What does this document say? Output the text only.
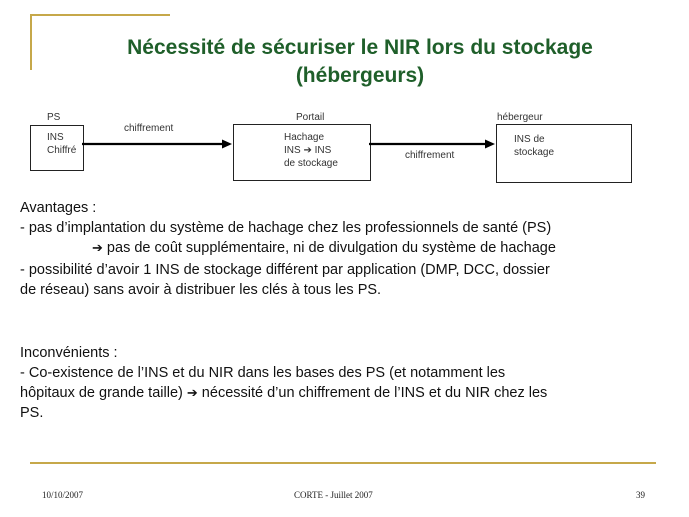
Nécessité de sécuriser le NIR lors du stockage
(hébergeurs)
PS
INS
Chiffré
chiffrement
Portail
Hachage
INS ➔ INS
de stockage
chiffrement
hébergeur
INS de
stockage
Avantages :
- pas d’implantation du système de hachage chez les professionnels de santé (PS)
➔ pas de coût supplémentaire, ni de divulgation du système de hachage
- possibilité d’avoir 1 INS de stockage différent par application (DMP, DCC, dossier
de réseau) sans avoir à distribuer les clés à tous les PS.
Inconvénients :
- Co-existence de l’INS et du NIR dans les bases des PS (et notamment les
hôpitaux de grande taille) ➔ nécessité d’un chiffrement de l’INS et du NIR chez les
PS.
10/10/2007	CORTE - Juillet 2007	39
